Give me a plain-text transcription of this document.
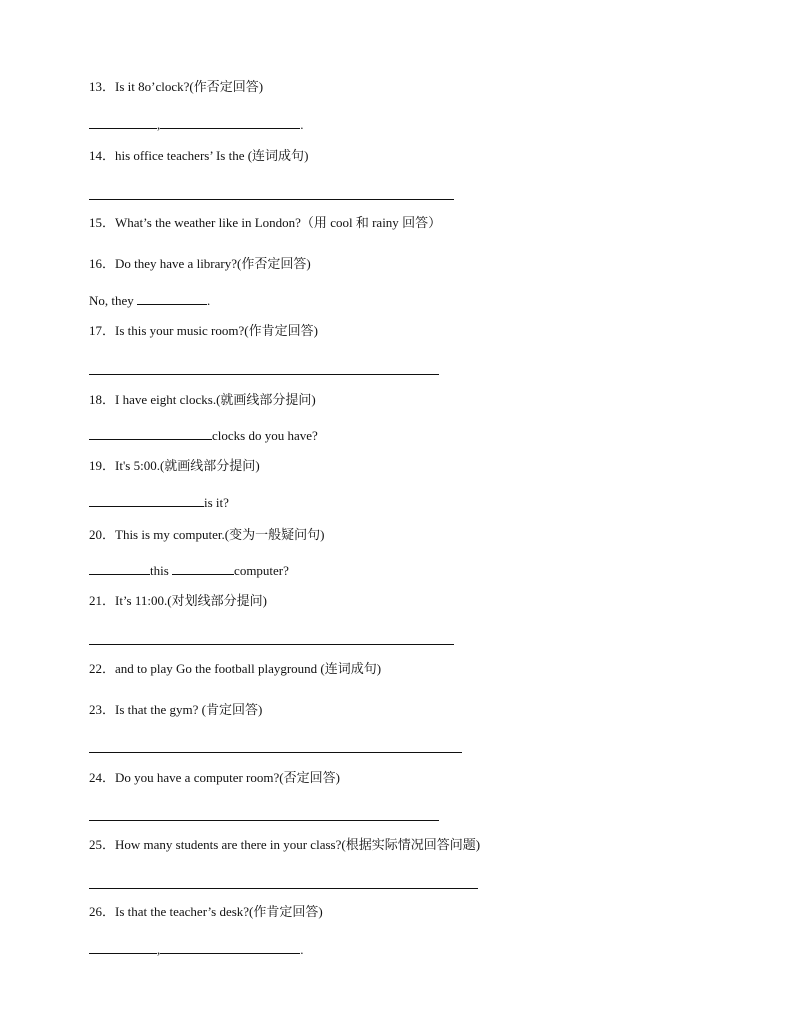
13．Is it 8o’clock?(作否定回答)
,	.
14．his office teachers’ Is the (连词成句)
15．What’s the weather like in London?（用 cool 和 rainy 回答）
16．Do they have a library?(作否定回答)
No, they	.
17．Is this your music room?(作肯定回答)
18．I have eight clocks.(就画线部分提问)
clocks do you have?
19．It's 5:00.(就画线部分提问)
is it?
20．This is my computer.(变为一般疑问句)
this	computer?
21．It’s 11:00.(对划线部分提问)
22．and to play Go the football playground (连词成句)
23．Is that the gym? (肯定回答)
24．Do you have a computer room?(否定回答)
25．How many students are there in your class?(根据实际情况回答问题)
26．Is that the teacher’s desk?(作肯定回答)
,	.
